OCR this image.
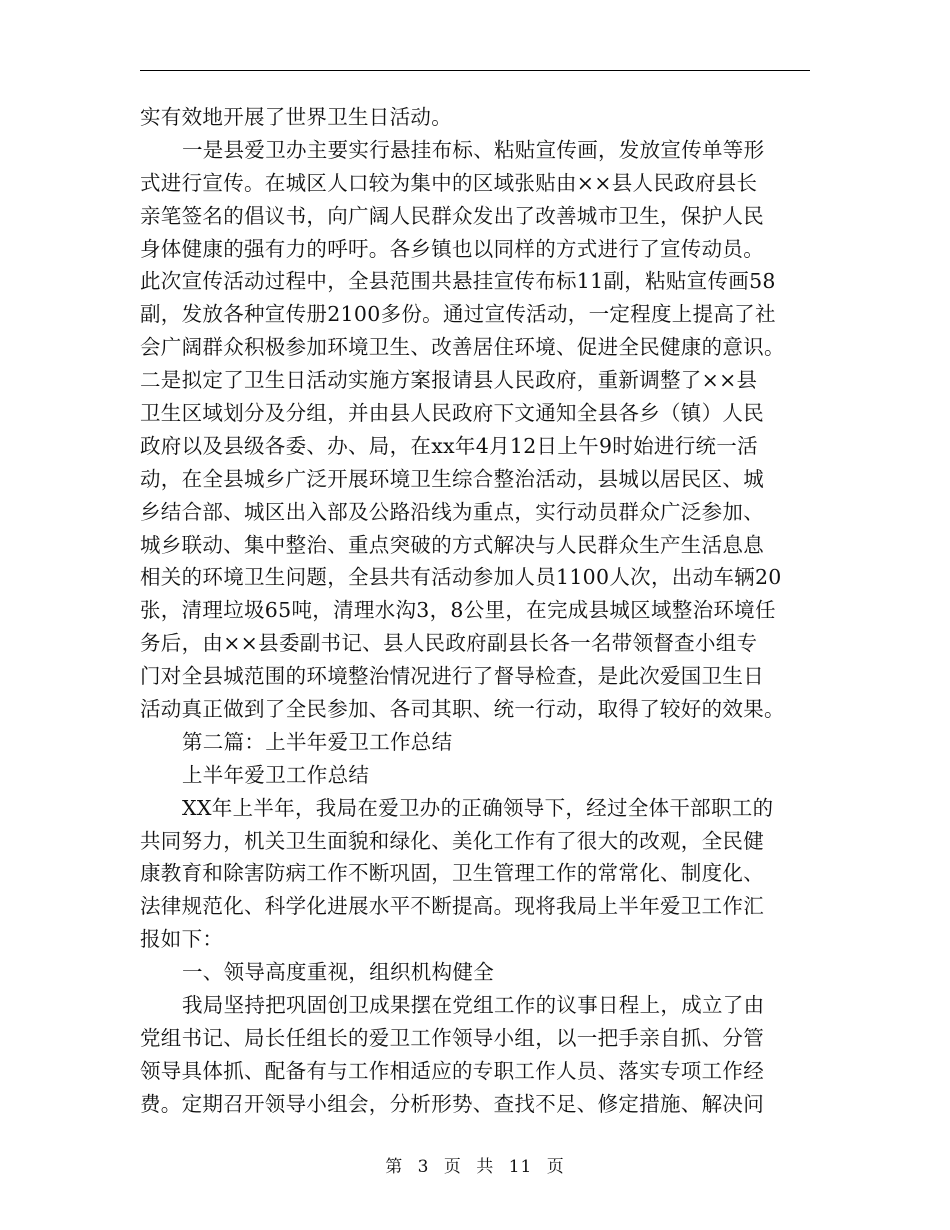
实有效地开展了世界卫生日活动。
一是县爱卫办主要实行悬挂布标、粘贴宣传画，发放宣传单等形
式进行宣传。在城区人口较为集中的区域张贴由××县人民政府县长
亲笔签名的倡议书，向广阔人民群众发出了改善城市卫生，保护人民
身体健康的强有力的呼吁。各乡镇也以同样的方式进行了宣传动员。
此次宣传活动过程中，全县范围共悬挂宣传布标11副，粘贴宣传画58
副，发放各种宣传册2100多份。通过宣传活动，一定程度上提高了社
会广阔群众积极参加环境卫生、改善居住环境、促进全民健康的意识。
二是拟定了卫生日活动实施方案报请县人民政府，重新调整了××县
卫生区域划分及分组，并由县人民政府下文通知全县各乡（镇）人民
政府以及县级各委、办、局，在xx年4月12日上午9时始进行统一活
动，在全县城乡广泛开展环境卫生综合整治活动，县城以居民区、城
乡结合部、城区出入部及公路沿线为重点，实行动员群众广泛参加、
城乡联动、集中整治、重点突破的方式解决与人民群众生产生活息息
相关的环境卫生问题，全县共有活动参加人员1100人次，出动车辆20
张，清理垃圾65吨，清理水沟3，8公里，在完成县城区域整治环境任
务后，由××县委副书记、县人民政府副县长各一名带领督查小组专
门对全县城范围的环境整治情况进行了督导检查，是此次爱国卫生日
活动真正做到了全民参加、各司其职、统一行动，取得了较好的效果。
第二篇：上半年爱卫工作总结
上半年爱卫工作总结
XX年上半年，我局在爱卫办的正确领导下，经过全体干部职工的
共同努力，机关卫生面貌和绿化、美化工作有了很大的改观，全民健
康教育和除害防病工作不断巩固，卫生管理工作的常常化、制度化、
法律规范化、科学化进展水平不断提高。现将我局上半年爱卫工作汇
报如下：
一、领导高度重视，组织机构健全
我局坚持把巩固创卫成果摆在党组工作的议事日程上，成立了由
党组书记、局长任组长的爱卫工作领导小组，以一把手亲自抓、分管
领导具体抓、配备有与工作相适应的专职工作人员、落实专项工作经
费。定期召开领导小组会，分析形势、查找不足、修定措施、解决问
第 3 页 共 11 页
